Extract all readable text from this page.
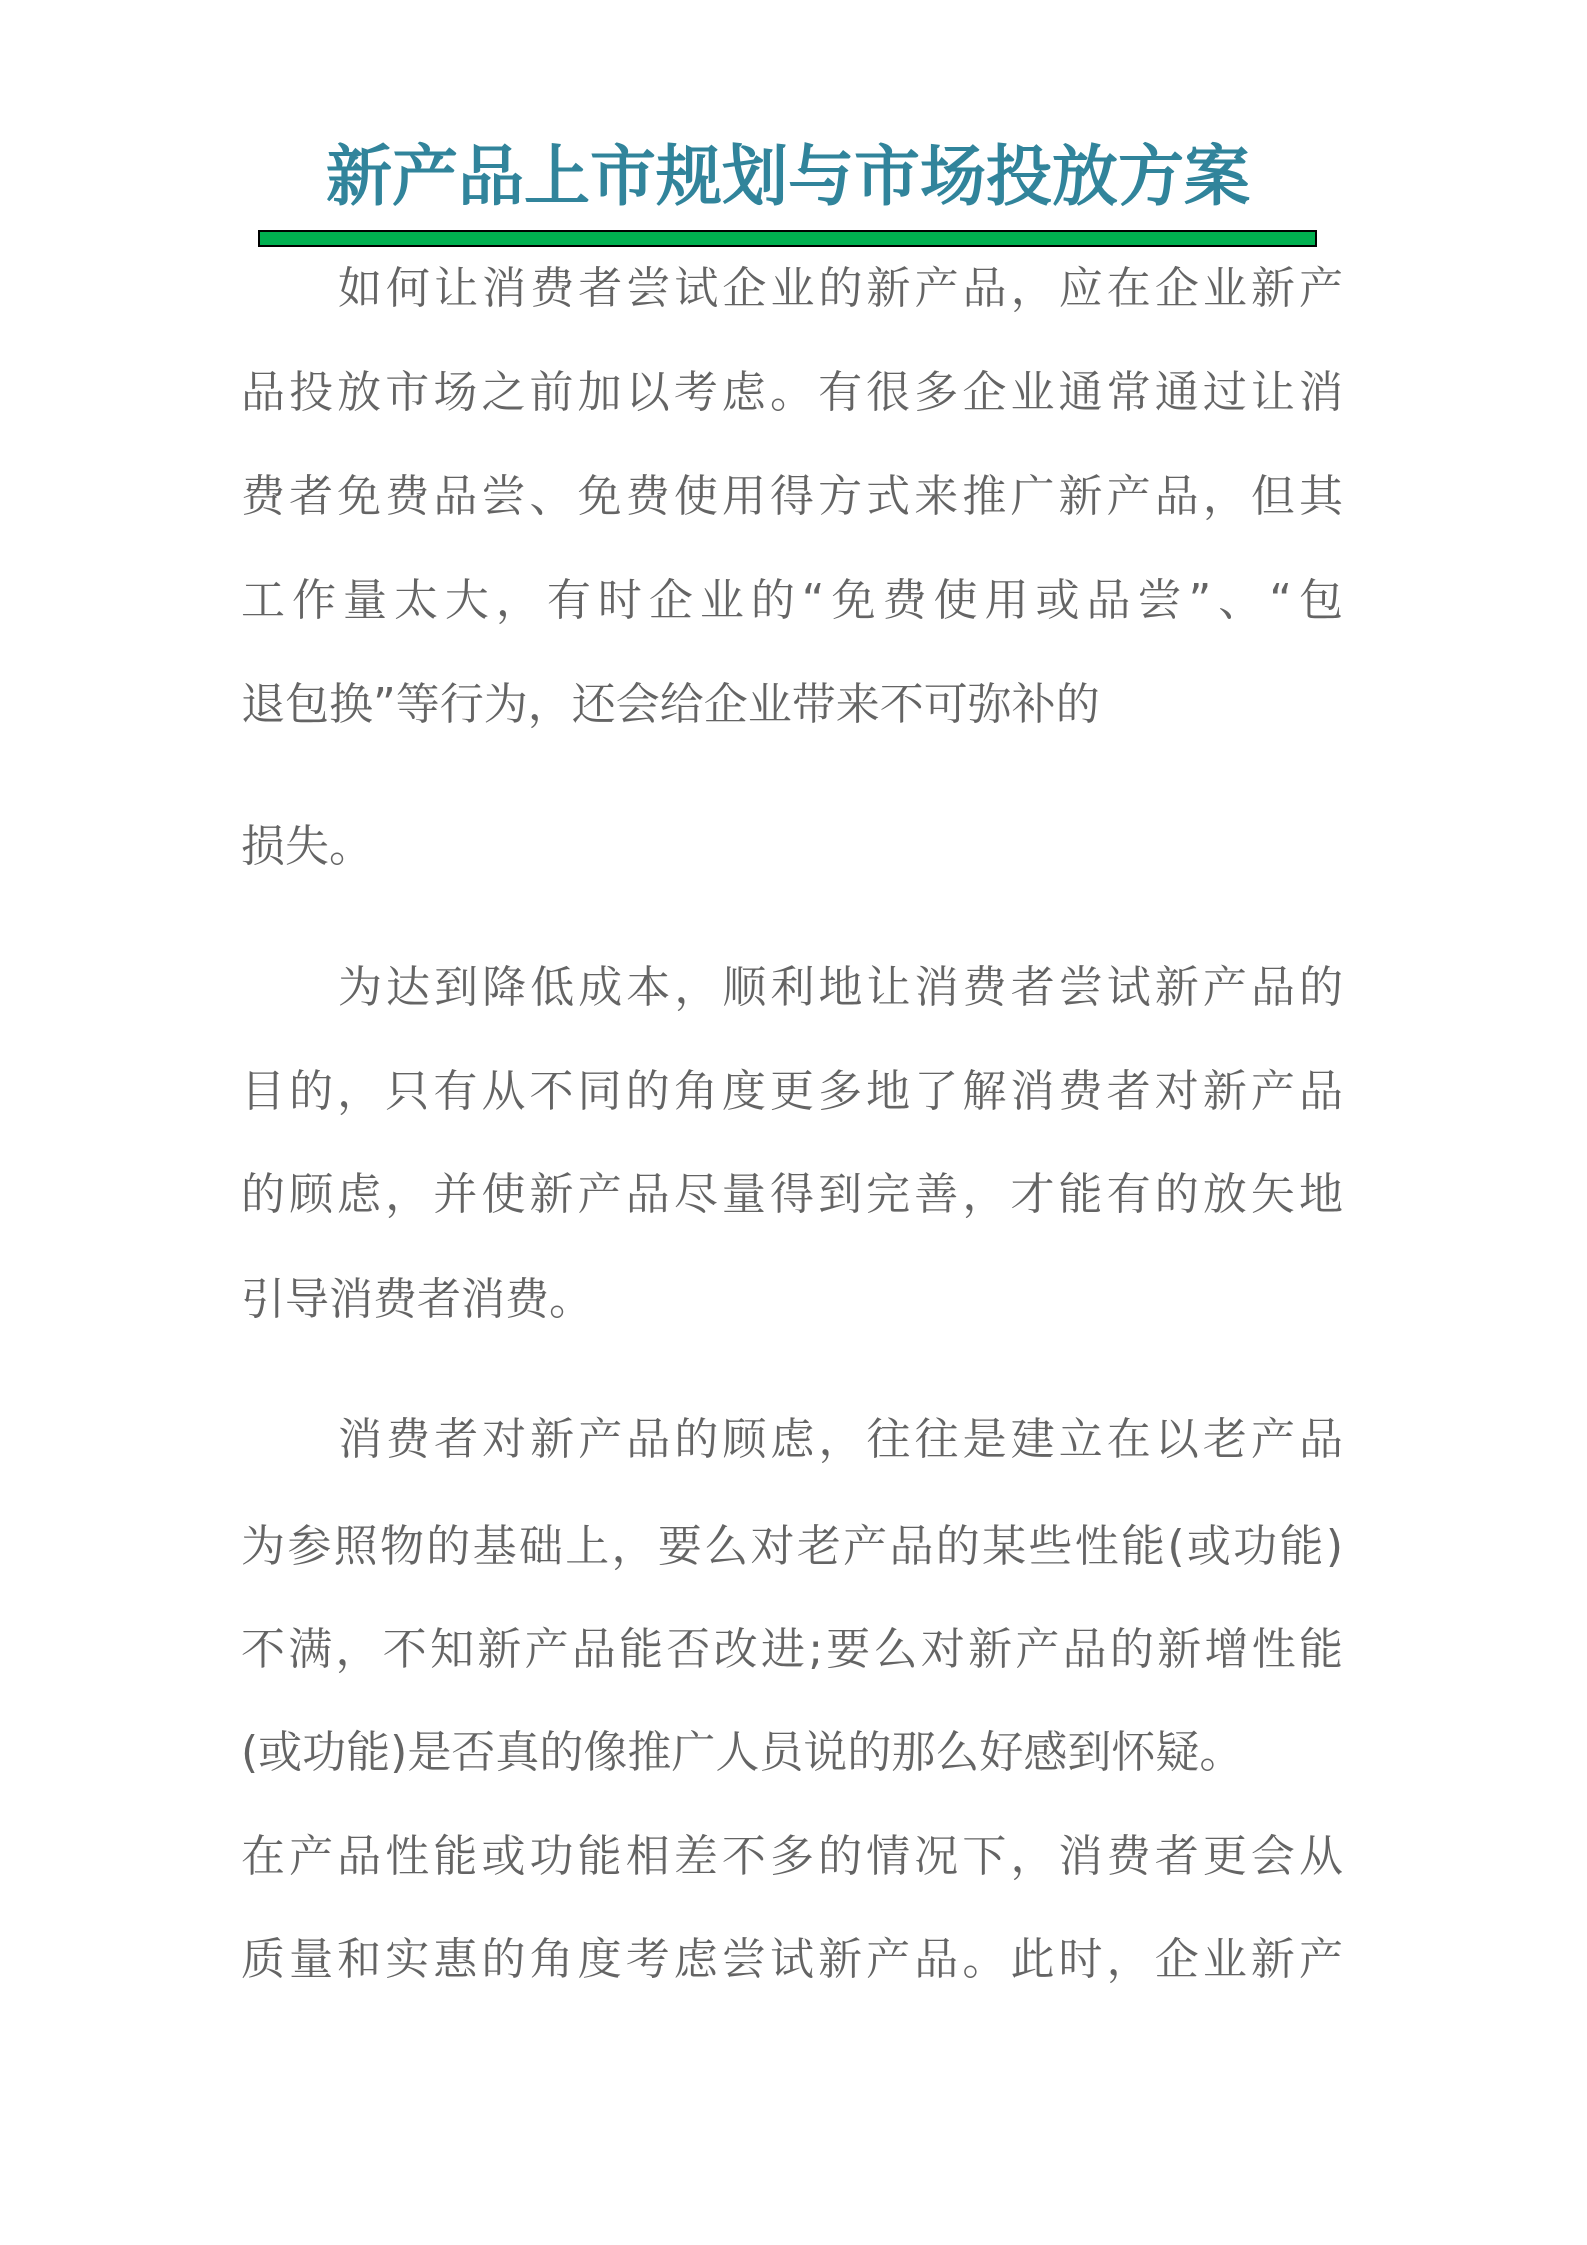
新产品上市规划与市场投放方案
如何让消费者尝试企业的新产品，应在企业新产
品投放市场之前加以考虑。有很多企业通常通过让消
费者免费品尝、免费使用得方式来推广新产品，但其
工作量太大，有时企业的“免费使用或品尝”、“包
退包换”等行为，还会给企业带来不可弥补的
损失。
为达到降低成本，顺利地让消费者尝试新产品的
目的，只有从不同的角度更多地了解消费者对新产品
的顾虑，并使新产品尽量得到完善，才能有的放矢地
引导消费者消费。
消费者对新产品的顾虑，往往是建立在以老产品
为参照物的基础上，要么对老产品的某些性能(或功能)
不满，不知新产品能否改进;要么对新产品的新增性能
(或功能)是否真的像推广人员说的那么好感到怀疑。
在产品性能或功能相差不多的情况下，消费者更会从
质量和实惠的角度考虑尝试新产品。此时，企业新产
